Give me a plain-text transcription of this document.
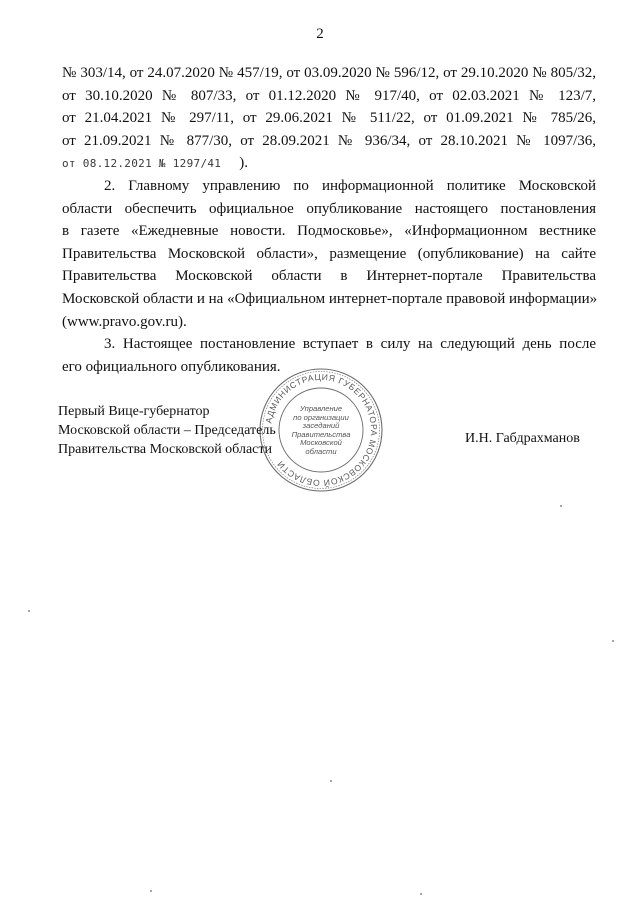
2
№ 303/14, от 24.07.2020 № 457/19, от 03.09.2020 № 596/12, от 29.10.2020 № 805/32,
от 30.10.2020 № 807/33, от 01.12.2020 № 917/40, от 02.03.2021 № 123/7,
от 21.04.2021 № 297/11, от 29.06.2021 № 511/22, от 01.09.2021 № 785/26,
от 21.09.2021 № 877/30, от 28.09.2021 № 936/34, от 28.10.2021 № 1097/36,
от 08.12.2021 № 1297/41 ).
2. Главному управлению по информационной политике Московской
области обеспечить официальное опубликование настоящего постановления
в газете «Ежедневные новости. Подмосковье», «Информационном вестнике
Правительства Московской области», размещение (опубликование) на сайте
Правительства Московской области в Интернет-портале Правительства
Московской области и на «Официальном интернет-портале правовой информации»
(www.pravo.gov.ru).
3. Настоящее постановление вступает в силу на следующий день после
его официального опубликования.
АДМИНИСТРАЦИЯ ГУБЕРНАТОРА МОСКОВСКОЙ ОБЛАСТИ
Управление
по организации
заседаний
Правительства
Московской
области
Первый Вице-губернатор
Московской области – Председатель
Правительства Московской области
И.Н. Габдрахманов
